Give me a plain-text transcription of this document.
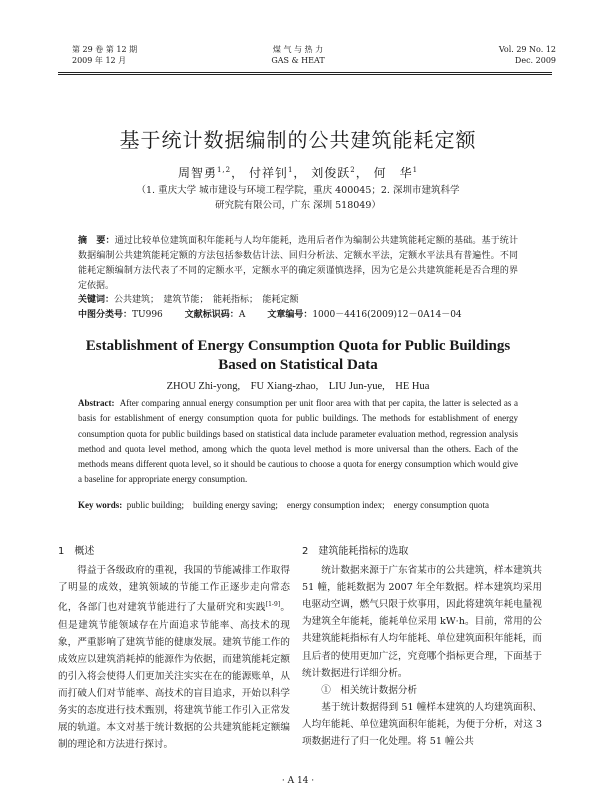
第 29 卷 第 12 期
2009 年 12 月
煤 气 与 热 力
GAS & HEAT
Vol. 29 No. 12
Dec. 2009
基于统计数据编制的公共建筑能耗定额
周智勇$^{1,2}$， 付祥钊$^1$， 刘俊跃$^2$， 何　华$^1$
（1. 重庆大学 城市建设与环境工程学院，重庆 400045；2. 深圳市建筑科学
研究院有限公司，广东 深圳 518049）
摘　要：通过比较单位建筑面积年能耗与人均年能耗，选用后者作为编制公共建筑能耗定额的基础。基于统计数据编制公共建筑能耗定额的方法包括参数估计法、回归分析法、定额水平法，定额水平法具有普遍性。不同能耗定额编制方法代表了不同的定额水平，定额水平的确定须谨慎选择，因为它是公共建筑能耗是否合理的界定依据。
关键词：公共建筑；　建筑节能；　能耗指标；　能耗定额
中图分类号：TU996 文献标识码：A 文章编号：1000－4416(2009)12－0A14－04
Establishment of Energy Consumption Quota for Public Buildings
Based on Statistical Data
ZHOU Zhi-yong,　FU Xiang-zhao,　LIU Jun-yue,　HE Hua
Abstract: After comparing annual energy consumption per unit floor area with that per capita, the latter is selected as a basis for establishment of energy consumption quota for public buildings. The methods for establishment of energy consumption quota for public buildings based on statistical data include parameter evaluation method, regression analysis method and quota level method, among which the quota level method is more universal than the others. Each of the methods means different quota level, so it should be cautious to choose a quota for energy consumption which would give a baseline for appropriate energy consumption.
Key words: public building;　building energy saving;　energy consumption index;　energy consumption quota
1　概述

得益于各级政府的重视，我国的节能减排工作取得了明显的成效，建筑领域的节能工作正逐步走向常态化，各部门也对建筑节能进行了大量研究和实践[1-9]。但是建筑节能领域存在片面追求节能率、高技术的现象，严重影响了建筑节能的健康发展。建筑节能工作的成效应以建筑消耗掉的能源作为依据，而建筑能耗定额的引入将会使得人们更加关注实实在在的能源账单，从而打破人们对节能率、高技术的盲目追求，开始以科学务实的态度进行技术甄别，将建筑节能工作引入正常发展的轨道。本文对基于统计数据的公共建筑能耗定额编制的理论和方法进行探讨。

2　建筑能耗指标的选取

统计数据来源于广东省某市的公共建筑，样本建筑共 51 幢，能耗数据为 2007 年全年数据。样本建筑均采用电驱动空调，燃气只限于炊事用，因此将建筑年耗电量视为建筑全年能耗，能耗单位采用 kW·h。目前，常用的公共建筑能耗指标有人均年能耗、单位建筑面积年能耗，而且后者的使用更加广泛，究竟哪个指标更合理，下面基于统计数据进行详细分析。

①　相关统计数据分析

基于统计数据得到 51 幢样本建筑的人均建筑面积、人均年能耗、单位建筑面积年能耗，为便于分析，对这 3 项数据进行了归一化处理。将 51 幢公共

· A 14 ·
